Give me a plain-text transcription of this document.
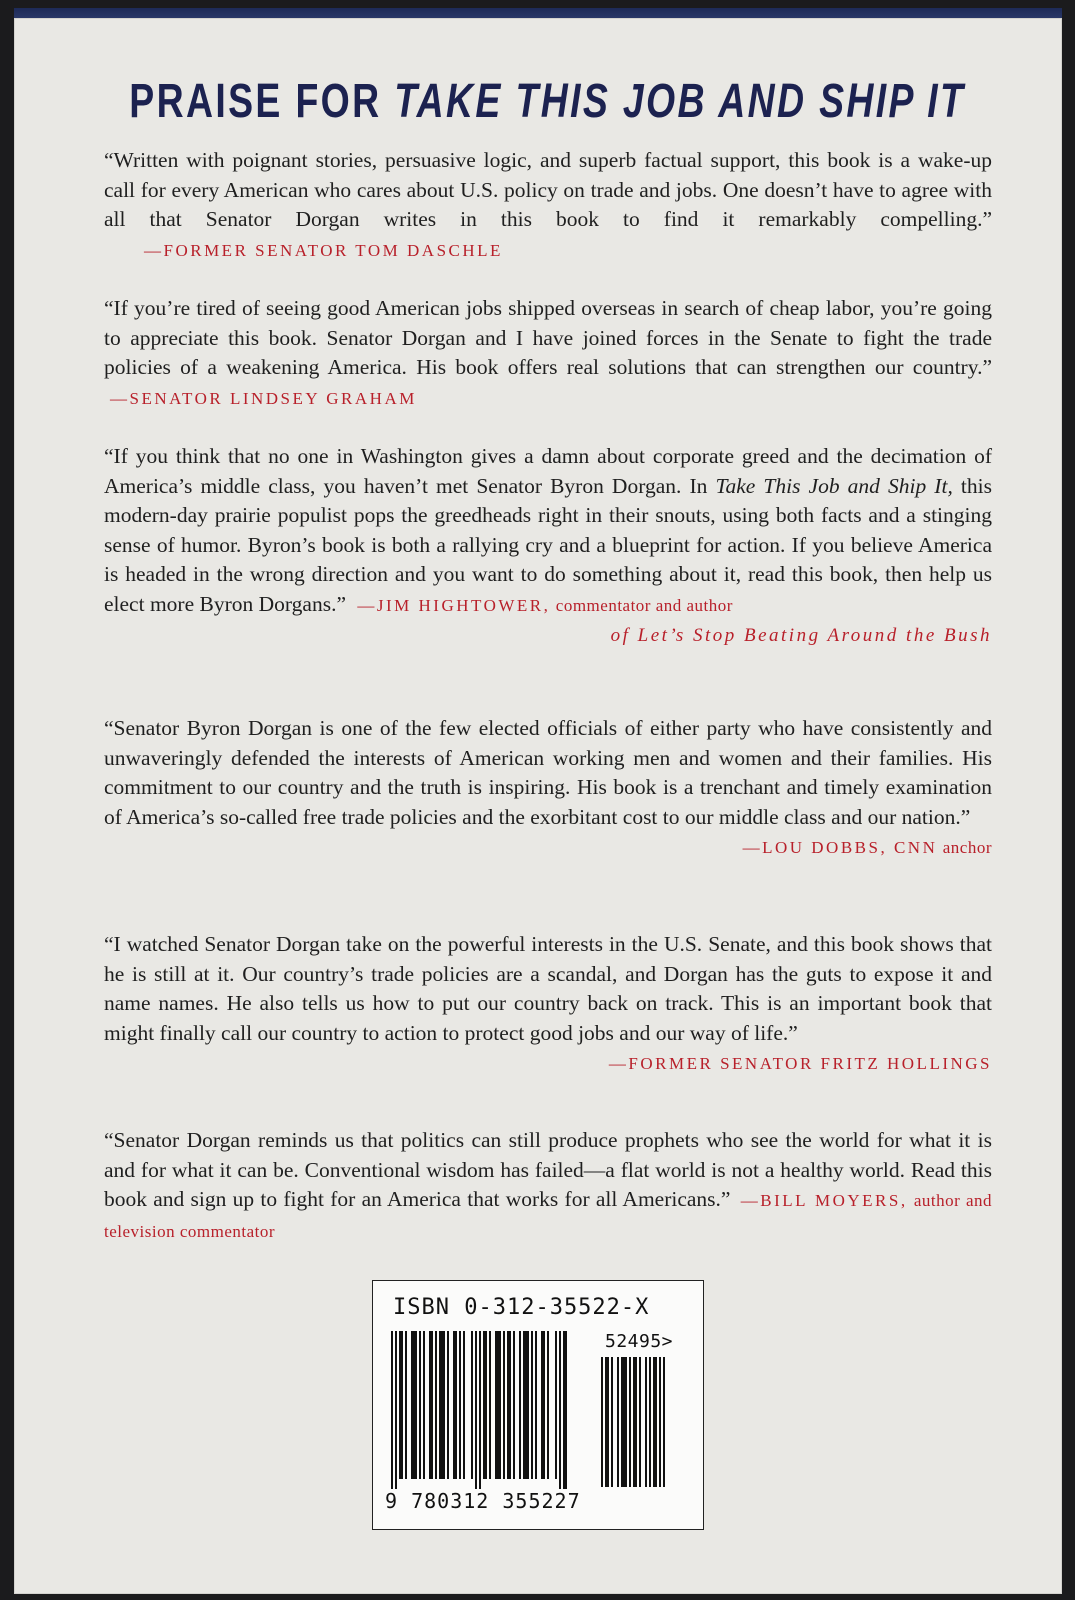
PRAISE FOR TAKE THIS JOB AND SHIP IT

“Written with poignant stories, persuasive logic, and superb factual support, this book is a wake-up call for every American who cares about U.S. policy on trade and jobs. One doesn’t have to agree with all that Senator Dorgan writes in this book to find it remarkably compelling.” —FORMER SENATOR TOM DASCHLE

“If you’re tired of seeing good American jobs shipped overseas in search of cheap labor, you’re going to appreciate this book. Senator Dorgan and I have joined forces in the Senate to fight the trade policies of a weakening America. His book offers real solutions that can strengthen our country.” —SENATOR LINDSEY GRAHAM

“If you think that no one in Washington gives a damn about corporate greed and the decimation of America’s middle class, you haven’t met Senator Byron Dorgan. In Take This Job and Ship It, this modern-day prairie populist pops the greedheads right in their snouts, using both facts and a stinging sense of humor. Byron’s book is both a rallying cry and a blueprint for action. If you believe America is headed in the wrong direction and you want to do something about it, read this book, then help us elect more Byron Dorgans.” —JIM HIGHTOWER, commentator and author
of Let’s Stop Beating Around the Bush

“Senator Byron Dorgan is one of the few elected officials of either party who have consistently and unwaveringly defended the interests of American working men and women and their families. His commitment to our country and the truth is inspiring. His book is a trenchant and timely examination of America’s so-called free trade policies and the exorbitant cost to our middle class and our nation.”
—LOU DOBBS, CNN anchor

“I watched Senator Dorgan take on the powerful interests in the U.S. Senate, and this book shows that he is still at it. Our country’s trade policies are a scandal, and Dorgan has the guts to expose it and name names. He also tells us how to put our country back on track. This is an important book that might finally call our country to action to protect good jobs and our way of life.”
—FORMER SENATOR FRITZ HOLLINGS

“Senator Dorgan reminds us that politics can still produce prophets who see the world for what it is and for what it can be. Conventional wisdom has failed—a flat world is not a healthy world. Read this book and sign up to fight for an America that works for all Americans.” —BILL MOYERS, author and television commentator

ISBN 0-312-35522-X
52495>
9 780312 355227
